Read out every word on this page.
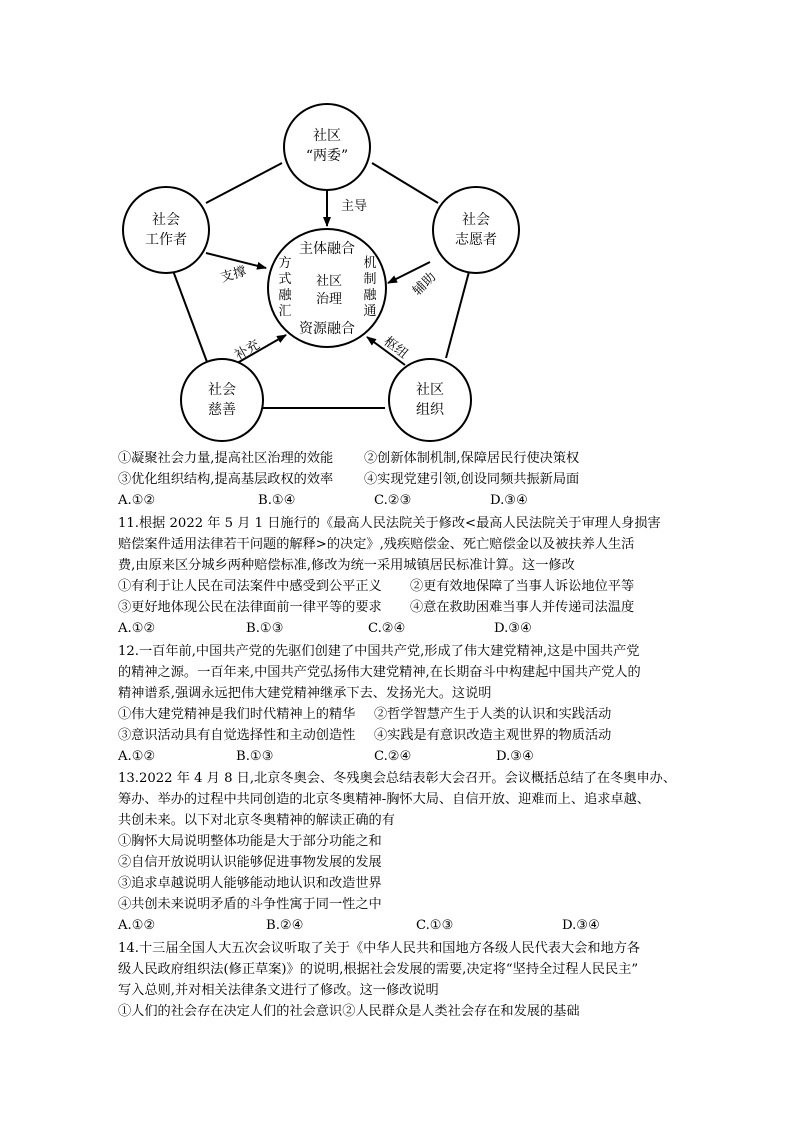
社区
“两委”
社会
工作者
社会
志愿者
社会
慈善
社区
组织
主体融合
资源融合
社区
治理
方
式
融
汇
机
制
融
通
主导
支撑	辅助
补充	枢纽
①凝聚社会力量,提高社区治理的效能 ②创新体制机制,保障居民行使决策权
③优化组织结构,提高基层政权的效率 ④实现党建引领,创设同频共振新局面
A.①②	B.①④	C.②③	D.③④
11.根据 2022 年 5 月 1 日施行的《最高人民法院关于修改<最高人民法院关于审理人身损害
赔偿案件适用法律若干问题的解释>的决定》,残疾赔偿金、死亡赔偿金以及被扶养人生活
费,由原来区分城乡两种赔偿标准,修改为统一采用城镇居民标准计算。这一修改
①有利于让人民在司法案件中感受到公平正义 ②更有效地保障了当事人诉讼地位平等
③更好地体现公民在法律面前一律平等的要求 ④意在救助困难当事人并传递司法温度
A.①②	B.①③	C.②④	D.③④
12.一百年前,中国共产党的先驱们创建了中国共产党,形成了伟大建党精神,这是中国共产党
的精神之源。一百年来,中国共产党弘扬伟大建党精神,在长期奋斗中构建起中国共产党人的
精神谱系,强调永远把伟大建党精神继承下去、发扬光大。这说明
①伟大建党精神是我们时代精神上的精华 ②哲学智慧产生于人类的认识和实践活动
③意识活动具有自觉选择性和主动创造性 ④实践是有意识改造主观世界的物质活动
A.①②	B.①③	C.②④	D.③④
13.2022 年 4 月 8 日,北京冬奥会、冬残奥会总结表彰大会召开。会议概括总结了在冬奥申办、
筹办、举办的过程中共同创造的北京冬奥精神-胸怀大局、自信开放、迎难而上、追求卓越、
共创未来。以下对北京冬奥精神的解读正确的有
①胸怀大局说明整体功能是大于部分功能之和
②自信开放说明认识能够促进事物发展的发展
③追求卓越说明人能够能动地认识和改造世界
④共创未来说明矛盾的斗争性寓于同一性之中
A.①②	B.②④	C.①③	D.③④
14.十三届全国人大五次会议听取了关于《中华人民共和国地方各级人民代表大会和地方各
级人民政府组织法(修正草案)》的说明,根据社会发展的需要,决定将“坚持全过程人民民主”
写入总则,并对相关法律条文进行了修改。这一修改说明
①人们的社会存在决定人们的社会意识②人民群众是人类社会存在和发展的基础
